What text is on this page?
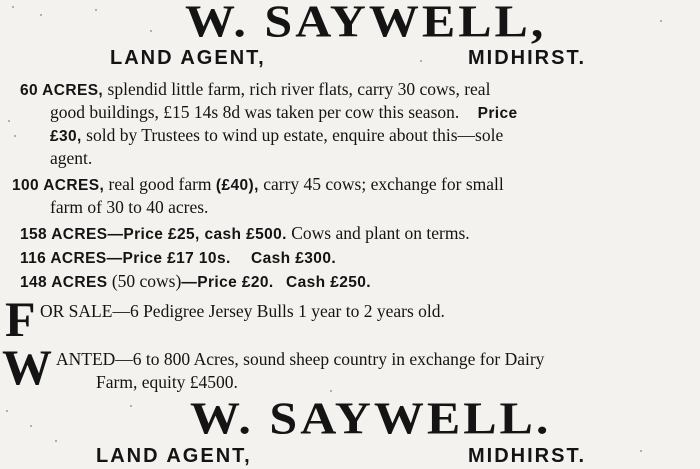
W. SAYWELL,
LAND AGENT,	MIDHIRST.
60 ACRES, splendid little farm, rich river flats, carry 30 cows, real
good buildings, £15 14s 8d was taken per cow this season. Price
£30, sold by Trustees to wind up estate, enquire about this—sole
agent.
100 ACRES, real good farm (£40), carry 45 cows; exchange for small
farm of 30 to 40 acres.
158 ACRES—Price £25, cash £500. Cows and plant on terms.
116 ACRES—Price £17 10s. Cash £300.
148 ACRES (50 cows)—Price £20. Cash £250.
F OR SALE—6 Pedigree Jersey Bulls 1 year to 2 years old.
W ANTED—6 to 800 Acres, sound sheep country in exchange for Dairy
Farm, equity £4500.
W. SAYWELL.
LAND AGENT,	MIDHIRST.
